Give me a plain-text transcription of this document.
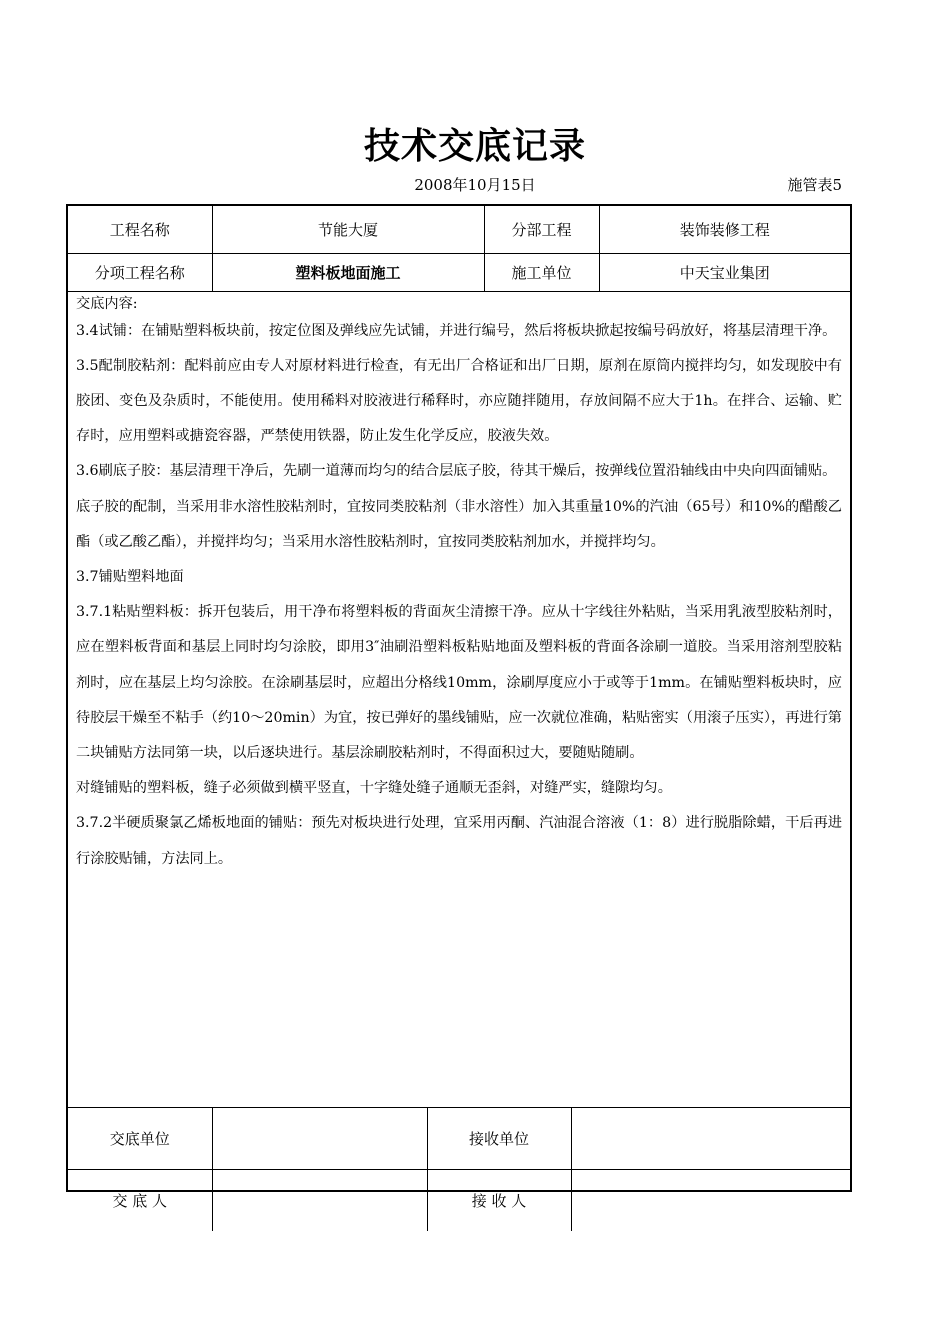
技术交底记录
2008年10月15日	施管表5
工程名称	节能大厦	分部工程	装饰装修工程
分项工程名称	塑料板地面施工	施工单位	中天宝业集团

交底内容:

3.4试铺：在铺贴塑料板块前，按定位图及弹线应先试铺，并进行编号，然后将板块掀起按编号码放好，将基层清理干净。

3.5配制胶粘剂：配料前应由专人对原材料进行检查，有无出厂合格证和出厂日期，原剂在原筒内搅拌均匀，如发现胶中有胶团、变色及杂质时，不能使用。使用稀料对胶液进行稀释时，亦应随拌随用，存放间隔不应大于1h。在拌合、运输、贮存时，应用塑料或搪瓷容器，严禁使用铁器，防止发生化学反应，胶液失效。

3.6刷底子胶：基层清理干净后，先刷一道薄而均匀的结合层底子胶，待其干燥后，按弹线位置沿轴线由中央向四面铺贴。

底子胶的配制，当采用非水溶性胶粘剂时，宜按同类胶粘剂（非水溶性）加入其重量10%的汽油（65号）和10%的醋酸乙酯（或乙酸乙酯），并搅拌均匀；当采用水溶性胶粘剂时，宜按同类胶粘剂加水，并搅拌均匀。

3.7铺贴塑料地面

3.7.1粘贴塑料板：拆开包装后，用干净布将塑料板的背面灰尘清擦干净。应从十字线往外粘贴，当采用乳液型胶粘剂时，应在塑料板背面和基层上同时均匀涂胶，即用3″油刷沿塑料板粘贴地面及塑料板的背面各涂刷一道胶。当采用溶剂型胶粘剂时，应在基层上均匀涂胶。在涂刷基层时，应超出分格线10mm，涂刷厚度应小于或等于1mm。在铺贴塑料板块时，应待胶层干燥至不粘手（约10～20min）为宜，按已弹好的墨线铺贴，应一次就位准确，粘贴密实（用滚子压实），再进行第二块铺贴方法同第一块，以后逐块进行。基层涂刷胶粘剂时，不得面积过大，要随贴随刷。

对缝铺贴的塑料板，缝子必须做到横平竖直，十字缝处缝子通顺无歪斜，对缝严实，缝隙均匀。

3.7.2半硬质聚氯乙烯板地面的铺贴：预先对板块进行处理，宜采用丙酮、汽油混合溶液（1：8）进行脱脂除蜡，干后再进行涂胶贴铺，方法同上。

交底单位		接收单位	
交 底 人		接 收 人	
